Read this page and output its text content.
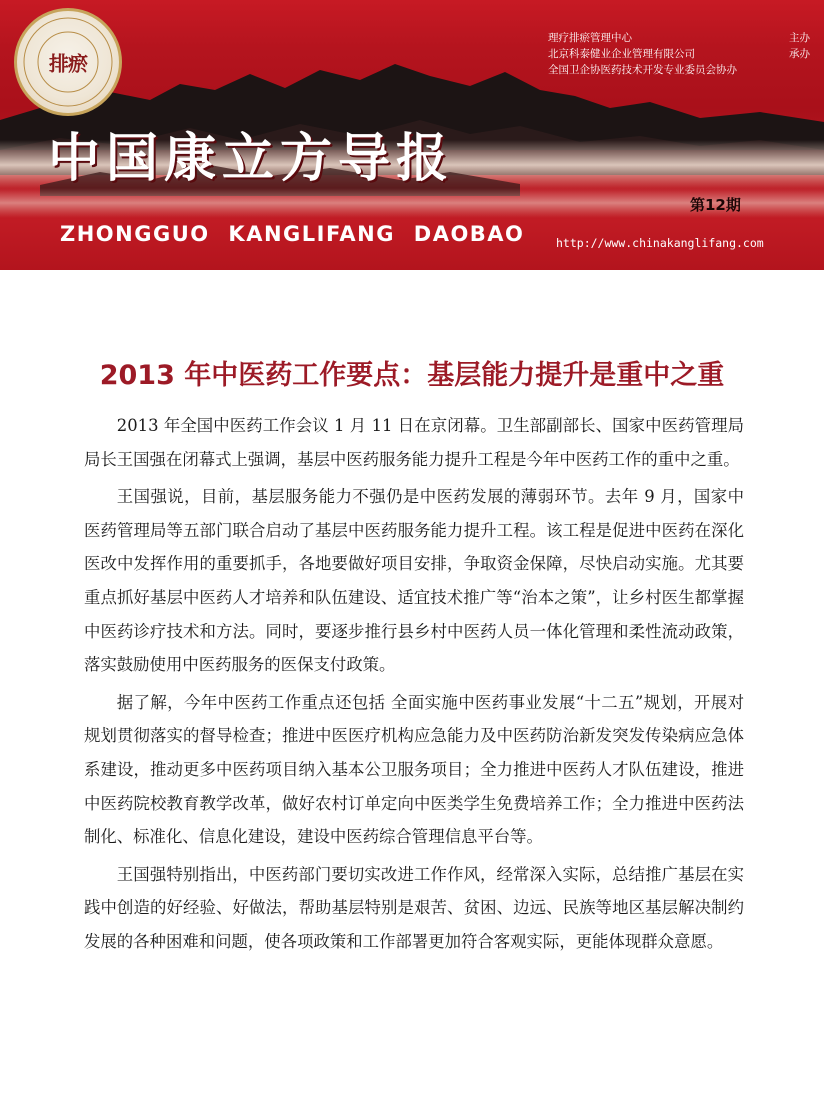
排瘀
理疗排瘀管理中心	主办
北京科泰健业企业管理有限公司	承办
全国卫企协医药技术开发专业委员会协办
中国康立方导报
第12期
ZHONGGUO KANGLIFANG DAOBAO	http://www.chinakanglifang.com
2013 年中医药工作要点：基层能力提升是重中之重

2013 年全国中医药工作会议 1 月 11 日在京闭幕。卫生部副部长、国家中医药管理局局长王国强在闭幕式上强调，基层中医药服务能力提升工程是今年中医药工作的重中之重。

王国强说，目前，基层服务能力不强仍是中医药发展的薄弱环节。去年 9 月，国家中医药管理局等五部门联合启动了基层中医药服务能力提升工程。该工程是促进中医药在深化医改中发挥作用的重要抓手，各地要做好项目安排，争取资金保障，尽快启动实施。尤其要重点抓好基层中医药人才培养和队伍建设、适宜技术推广等“治本之策”，让乡村医生都掌握中医药诊疗技术和方法。同时，要逐步推行县乡村中医药人员一体化管理和柔性流动政策，落实鼓励使用中医药服务的医保支付政策。

据了解，今年中医药工作重点还包括 全面实施中医药事业发展“十二五”规划，开展对规划贯彻落实的督导检查；推进中医医疗机构应急能力及中医药防治新发突发传染病应急体系建设，推动更多中医药项目纳入基本公卫服务项目；全力推进中医药人才队伍建设，推进中医药院校教育教学改革，做好农村订单定向中医类学生免费培养工作；全力推进中医药法制化、标准化、信息化建设，建设中医药综合管理信息平台等。

王国强特别指出，中医药部门要切实改进工作作风，经常深入实际，总结推广基层在实践中创造的好经验、好做法，帮助基层特别是艰苦、贫困、边远、民族等地区基层解决制约发展的各种困难和问题，使各项政策和工作部署更加符合客观实际，更能体现群众意愿。
